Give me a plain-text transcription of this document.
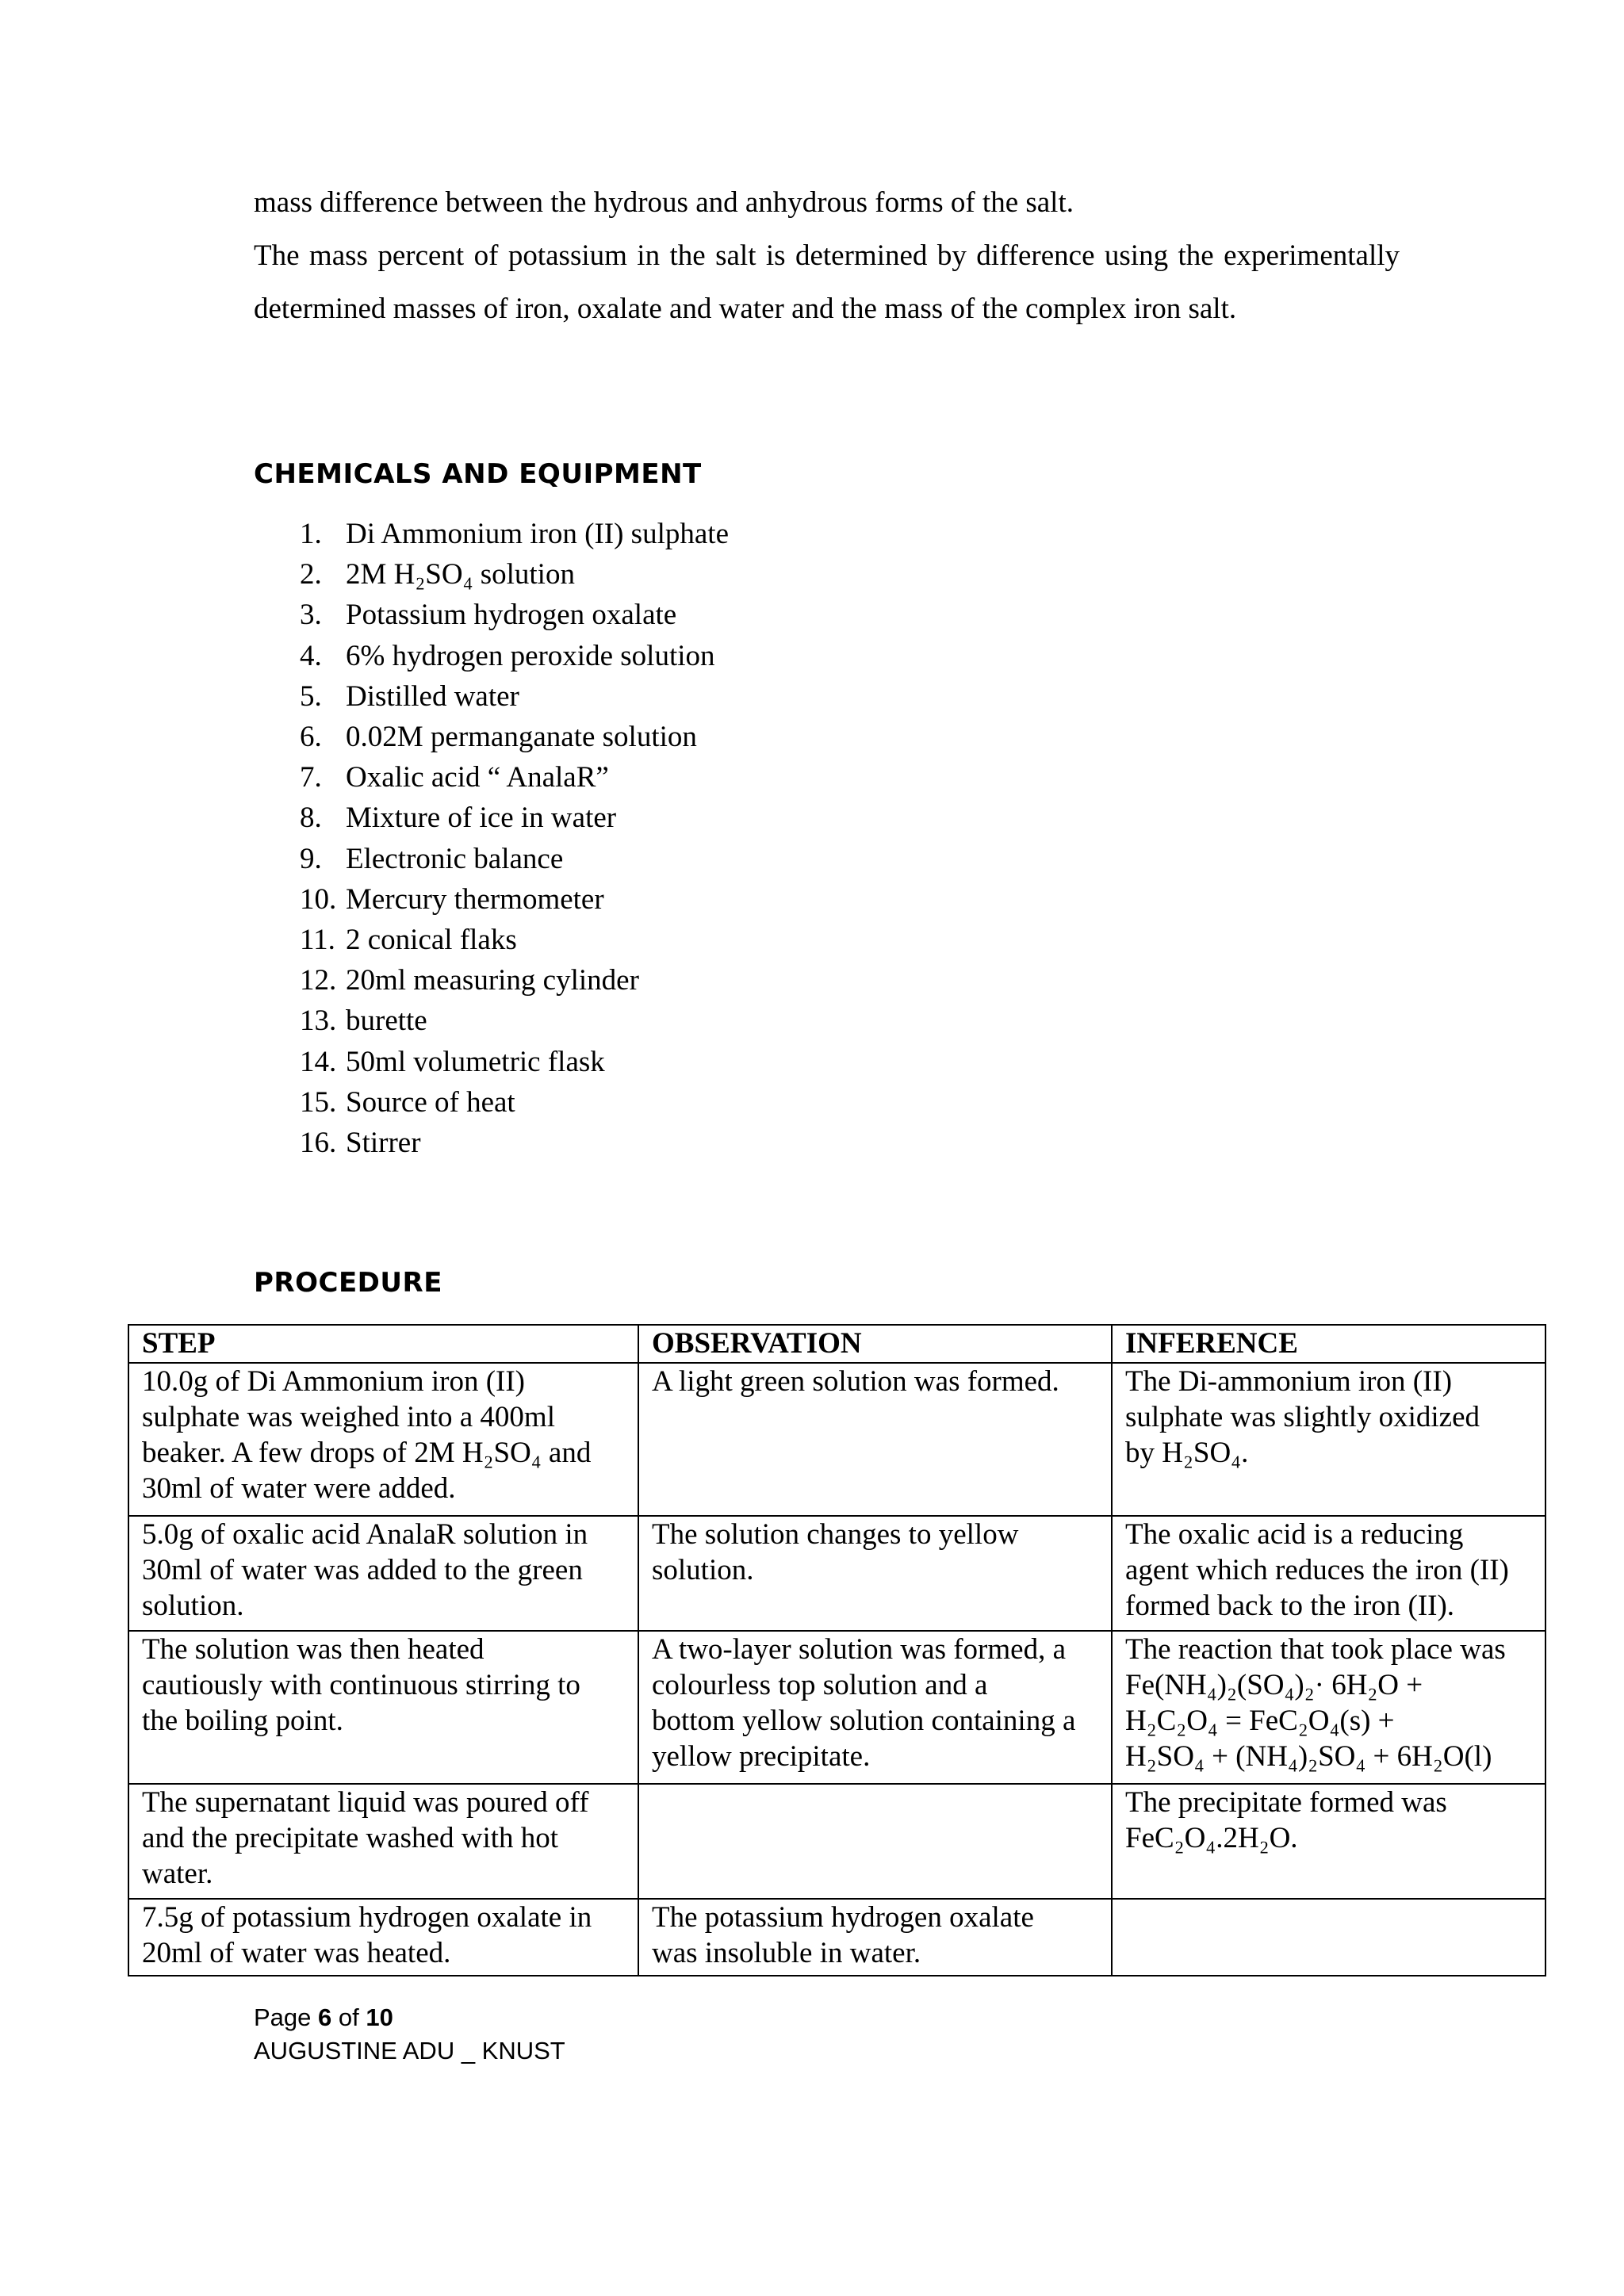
mass difference between the hydrous and anhydrous forms of the salt.

The mass percent of potassium in the salt is determined by difference using the experimentally determined masses of iron, oxalate and water and the mass of the complex iron salt.

CHEMICALS AND EQUIPMENT
1. Di Ammonium iron (II) sulphate
2. 2M H₂SO₄ solution
3. Potassium hydrogen oxalate
4. 6% hydrogen peroxide solution
5. Distilled water
6. 0.02M permanganate solution
7. Oxalic acid “ AnalaR”
8. Mixture of ice in water
9. Electronic balance
10. Mercury thermometer
11. 2 conical flaks
12. 20ml measuring cylinder
13. burette
14. 50ml volumetric flask
15. Source of heat
16. Stirrer
PROCEDURE
STEP	OBSERVATION	INFERENCE

10.0g of Di Ammonium iron (II)
sulphate was weighed into a 400ml
beaker. A few drops of 2M H₂SO₄ and
30ml of water were added.	A light green solution was formed.	The Di-ammonium iron (II)
sulphate was slightly oxidized
by H₂SO₄.

5.0g of oxalic acid AnalaR solution in
30ml of water was added to the green
solution.	The solution changes to yellow
solution.	The oxalic acid is a reducing
agent which reduces the iron (II)
formed back to the iron (II).

The solution was then heated
cautiously with continuous stirring to
the boiling point.	A two-layer solution was formed, a
colourless top solution and a
bottom yellow solution containing a
yellow precipitate.	The reaction that took place was
Fe(NH₄)₂(SO₄)₂· 6H₂O +
H₂C₂O₄ = FeC₂O₄(s) +
H₂SO₄ + (NH₄)₂SO₄ + 6H₂O(l)

The supernatant liquid was poured off
and the precipitate washed with hot
water.		The precipitate formed was
FeC₂O₄.2H₂O.

7.5g of potassium hydrogen oxalate in
20ml of water was heated.	The potassium hydrogen oxalate
was insoluble in water.	

Page 6 of 10
AUGUSTINE ADU _ KNUST
